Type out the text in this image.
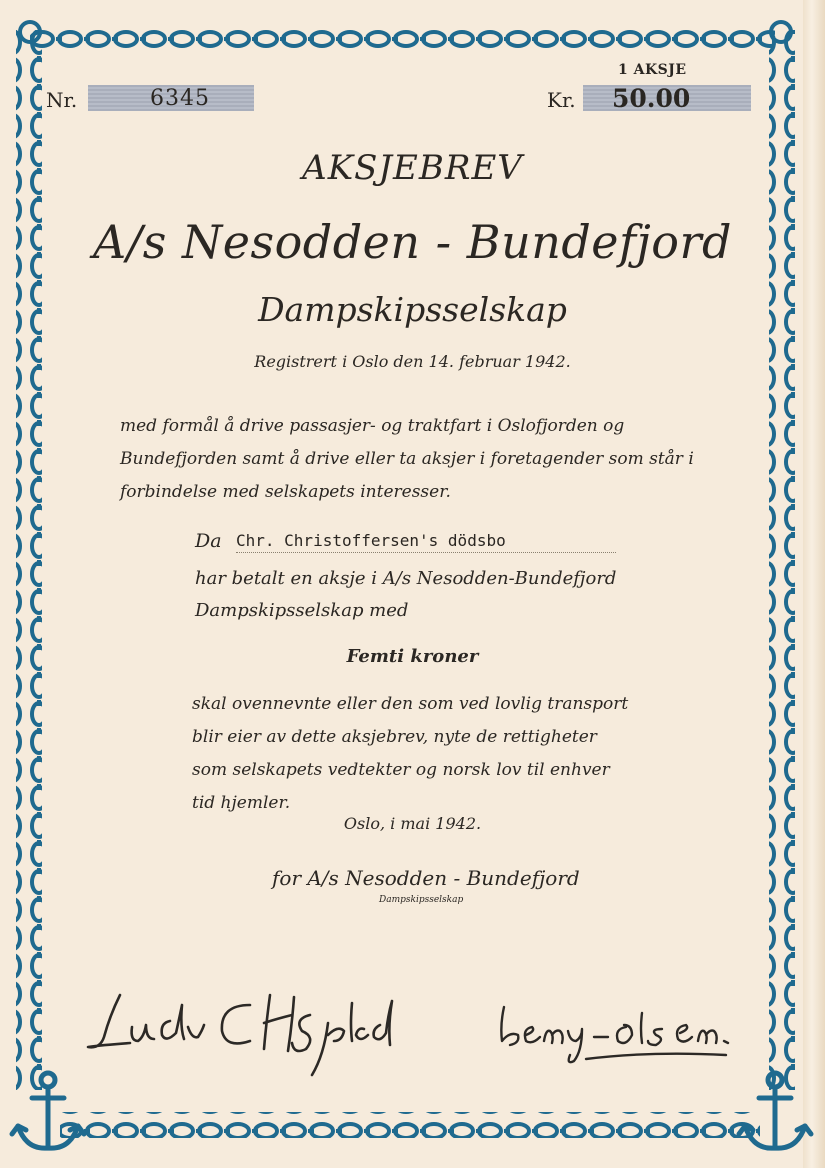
Nr.	6345
1 AKSJE
Kr. 50.00
AKSJEBREV
A/s Nesodden - Bundefjord
Dampskipsselskap
Registrert i Oslo den 14. februar 1942.

med formål å drive passasjer- og traktfart i Oslofjorden og Bundefjorden samt å drive eller ta aksjer i foretagender som står i forbindelse med selskapets interesser.

Da Chr. Christoffersen's dödsbo

har betalt en aksje i A/s Nesodden-Bundefjord Dampskipsselskap med

Femti kroner

skal ovennevnte eller den som ved lovlig transport blir eier av dette aksjebrev, nyte de rettigheter som selskapets vedtekter og norsk lov til enhver tid hjemler.

Oslo, i mai 1942.
for A/s Nesodden - Bundefjord
Dampskipsselskap
